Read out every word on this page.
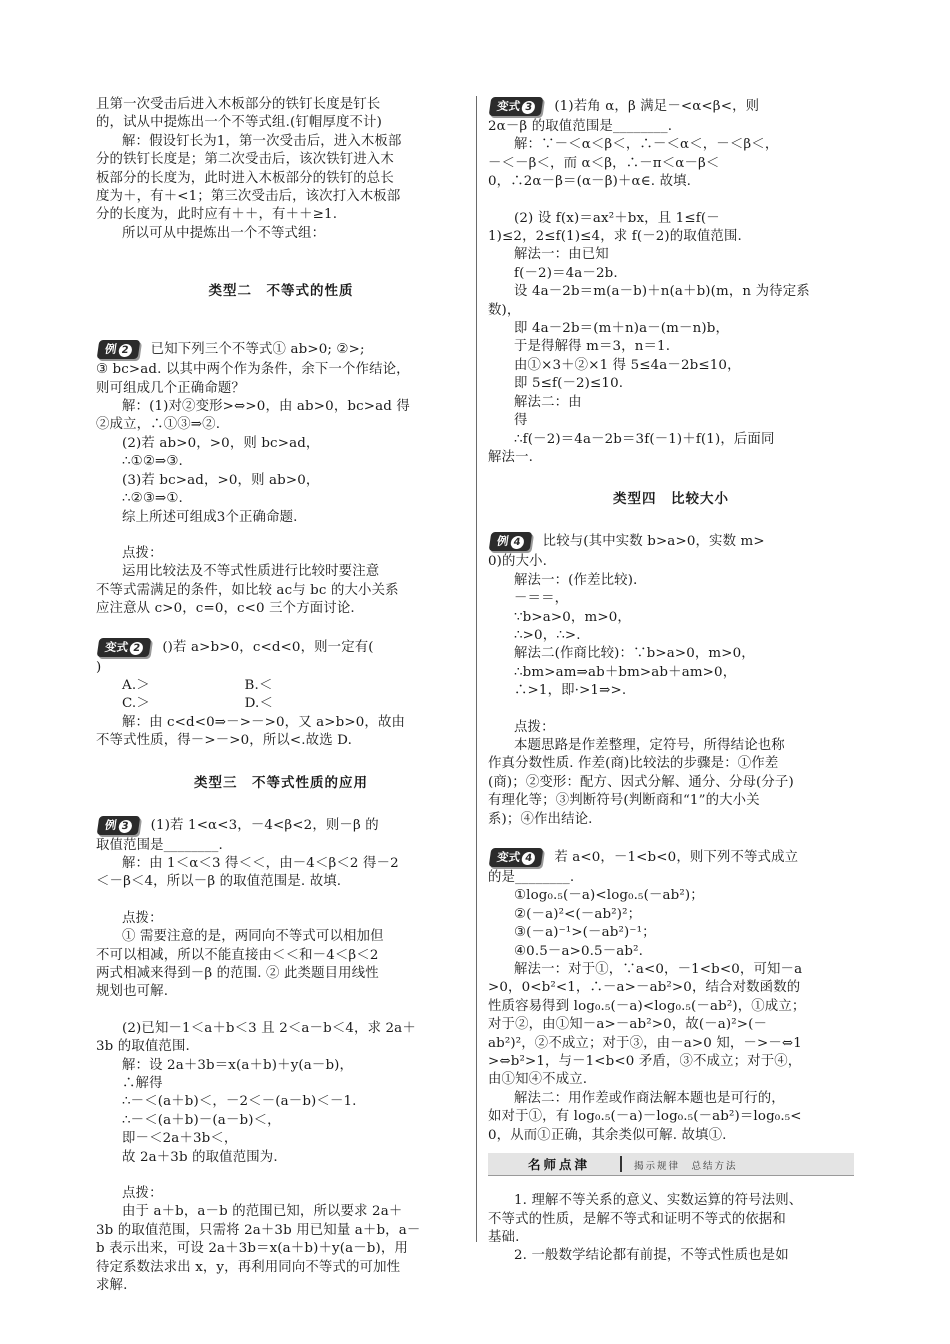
且第一次受击后进入木板部分的铁钉长度是钉长
的，试从中提炼出一个不等式组.(钉帽厚度不计)
解：假设钉长为1，第一次受击后，进入木板部
分的铁钉长度是；第二次受击后，该次铁钉进入木
板部分的长度为，此时进入木板部分的铁钉的总长
度为＋，有＋<1；第三次受击后，该次打入木板部
分的长度为，此时应有＋＋，有＋＋≥1.
所以可从中提炼出一个不等式组：
类型二　不等式的性质
例 2 已知下列三个不等式① ab>0; ②>;
③ bc>ad. 以其中两个作为条件，余下一个作结论，
则可组成几个正确命题？
解：(1)对②变形>⇔>0，由 ab>0，bc>ad 得
②成立，∴①③⇒②.
(2)若 ab>0，>0，则 bc>ad，
∴①②⇒③.
(3)若 bc>ad，>0，则 ab>0，
∴②③⇒①.
综上所述可组成3个正确命题.
点拨：
运用比较法及不等式性质进行比较时要注意
不等式需满足的条件，如比较 ac与 bc 的大小关系
应注意从 c>0，c=0，c<0 三个方面讨论.
变式 2 ()若 a>b>0，c<d<0，则一定有(
)
A.＞　　　　　　　B.＜
C.＞　　　　　　　D.＜
解：由 c<d<0⇒－>－>0，又 a>b>0，故由
不等式性质，得－>－>0，所以<.故选 D.
类型三　不等式性质的应用
例 3 (1)若 1<α<3，－4<β<2，则－β 的
取值范围是________.
解：由 1＜α＜3 得＜＜，由－4＜β＜2 得－2
＜－β＜4，所以－β 的取值范围是. 故填.
点拨：
① 需要注意的是，两同向不等式可以相加但
不可以相减，所以不能直接由＜＜和－4＜β＜2
两式相减来得到－β 的范围. ② 此类题目用线性
规划也可解.
(2)已知－1＜a＋b＜3 且 2＜a－b＜4，求 2a＋
3b 的取值范围.
解：设 2a＋3b＝x(a＋b)＋y(a－b)，
∴解得
∴－＜(a＋b)＜，－2＜－(a－b)＜－1.
∴－＜(a＋b)－(a－b)＜，
即－＜2a＋3b＜，
故 2a＋3b 的取值范围为.
点拨：
由于 a＋b，a－b 的范围已知，所以要求 2a＋
3b 的取值范围，只需将 2a＋3b 用已知量 a＋b，a－
b 表示出来，可设 2a＋3b＝x(a＋b)＋y(a－b)，用
待定系数法求出 x，y，再利用同向不等式的可加性
求解.
变式 3 (1)若角 α，β 满足－<α<β<，则
2α－β 的取值范围是________.
解：∵－＜α＜β＜，∴－＜α＜，－＜β＜，
－＜－β＜，而 α＜β，∴－π＜α－β＜
0，∴2α－β＝(α－β)＋α∈. 故填.
(2) 设 f(x)＝ax²＋bx，且 1≤f(－
1)≤2，2≤f(1)≤4，求 f(－2)的取值范围.
解法一：由已知
f(－2)＝4a－2b.
设 4a－2b＝m(a－b)＋n(a＋b)(m，n 为待定系
数)，
即 4a－2b＝(m＋n)a－(m－n)b，
于是得解得 m＝3，n＝1.
由①×3＋②×1 得 5≤4a－2b≤10，
即 5≤f(－2)≤10.
解法二：由
得
∴f(－2)＝4a－2b＝3f(－1)＋f(1)，后面同
解法一.
类型四　比较大小
例 4 比较与(其中实数 b>a>0，实数 m>
0)的大小.
解法一：(作差比较)．
－＝＝，
∵b>a>0，m>0，
∴>0，∴>.
解法二(作商比较)：∵b>a>0，m>0，
∴bm>am⇒ab＋bm>ab＋am>0，
∴>1，即·>1⇒>.
点拨：
本题思路是作差整理，定符号，所得结论也称
作真分数性质. 作差(商)比较法的步骤是：①作差
(商)；②变形：配方、因式分解、通分、分母(分子)
有理化等；③判断符号(判断商和“1”的大小关
系)；④作出结论.
变式 4 若 a<0，－1<b<0，则下列不等式成立
的是________.
①log₀.₅(－a)<log₀.₅(－ab²)；
②(－a)²<(－ab²)²；
③(－a)⁻¹>(－ab²)⁻¹；
④0.5－a>0.5－ab².
解法一：对于①，∵a<0，－1<b<0，可知－a
>0，0<b²<1，∴－a>－ab²>0，结合对数函数的
性质容易得到 log₀.₅(－a)<log₀.₅(－ab²)，①成立；
对于②，由①知－a>－ab²>0，故(－a)²>(－
ab²)²，②不成立；对于③，由－a>0 知，－>－⇔1
>⇔b²>1，与－1<b<0 矛盾，③不成立；对于④，
由①知④不成立.
解法二：用作差或作商法解本题也是可行的，
如对于①，有 log₀.₅(－a)－log₀.₅(－ab²)＝log₀.₅<
0，从而①正确，其余类似可解. 故填①.
名师点津	揭示规律　总结方法
1. 理解不等关系的意义、实数运算的符号法则、
不等式的性质，是解不等式和证明不等式的依据和
基础.
2. 一般数学结论都有前提，不等式性质也是如
